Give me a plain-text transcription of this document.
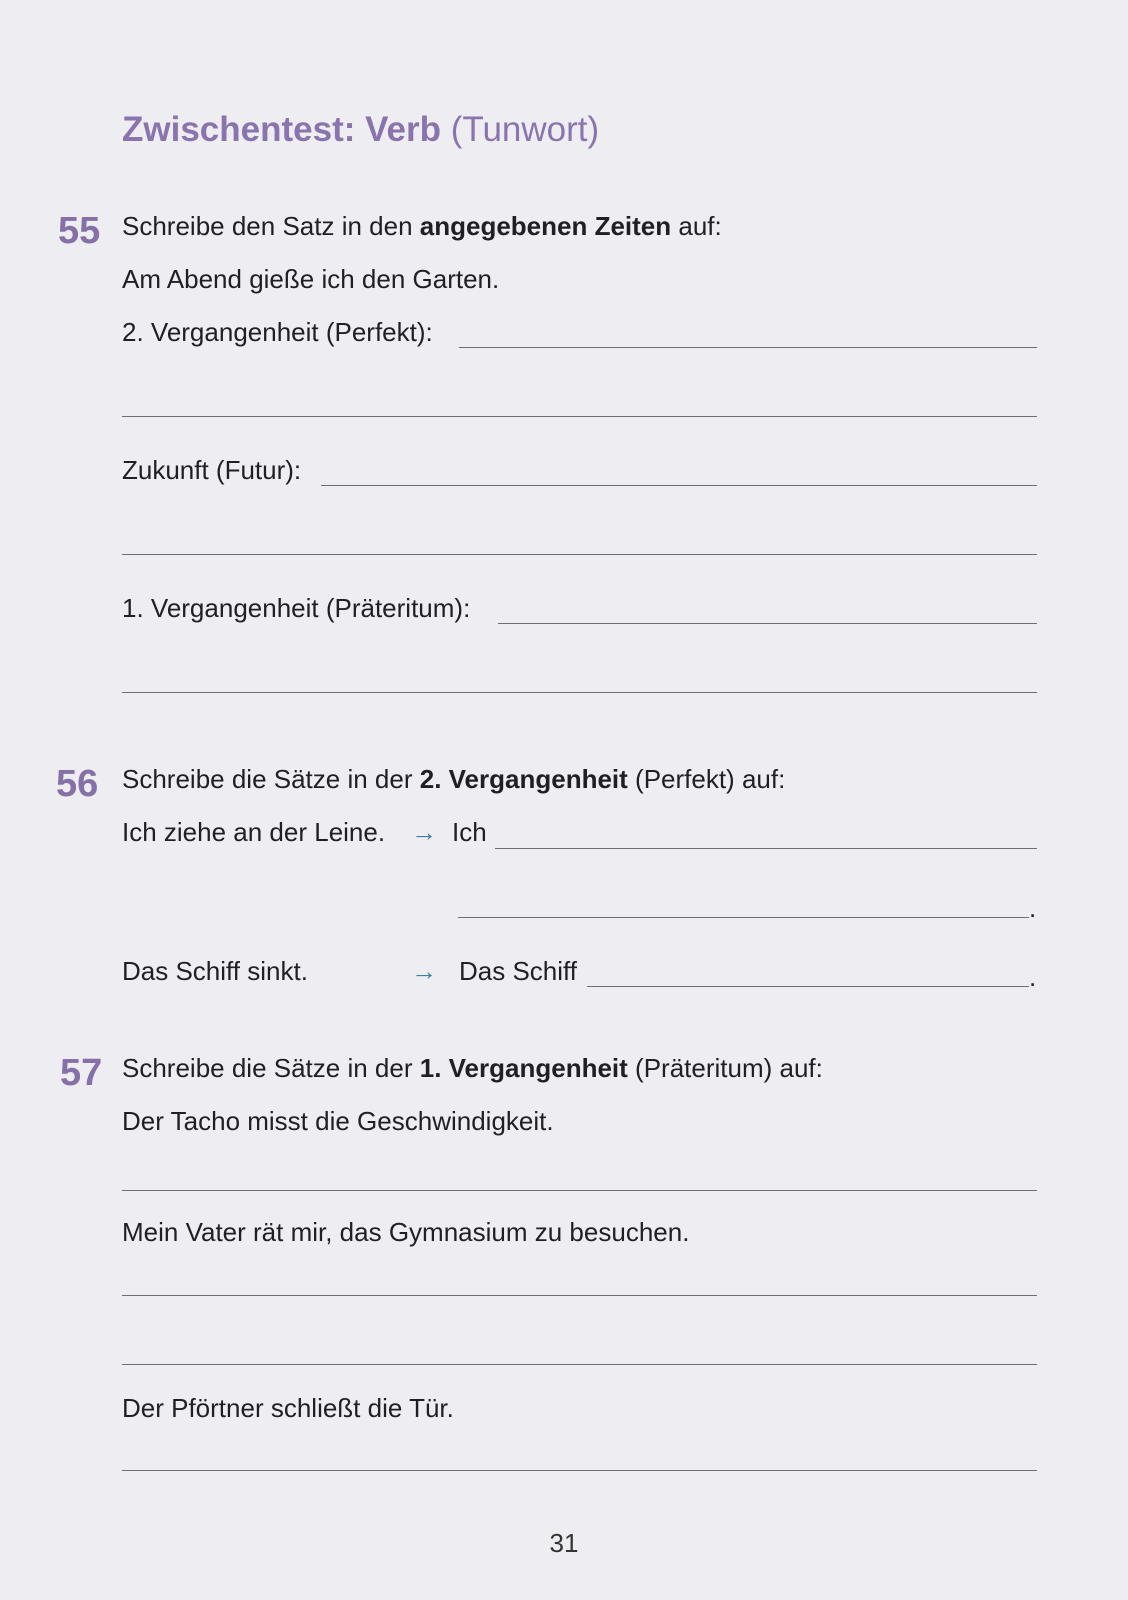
Zwischentest: Verb (Tunwort)
55 Schreibe den Satz in den angegebenen Zeiten auf:
Am Abend gieße ich den Garten.
2. Vergangenheit (Perfekt):
Zukunft (Futur):
1. Vergangenheit (Präteritum):
56 Schreibe die Sätze in der 2. Vergangenheit (Perfekt) auf:
Ich ziehe an der Leine. → Ich
.
Das Schiff sinkt.	→ Das Schiff	.
57 Schreibe die Sätze in der 1. Vergangenheit (Präteritum) auf:
Der Tacho misst die Geschwindigkeit.
Mein Vater rät mir, das Gymnasium zu besuchen.
Der Pförtner schließt die Tür.
31
